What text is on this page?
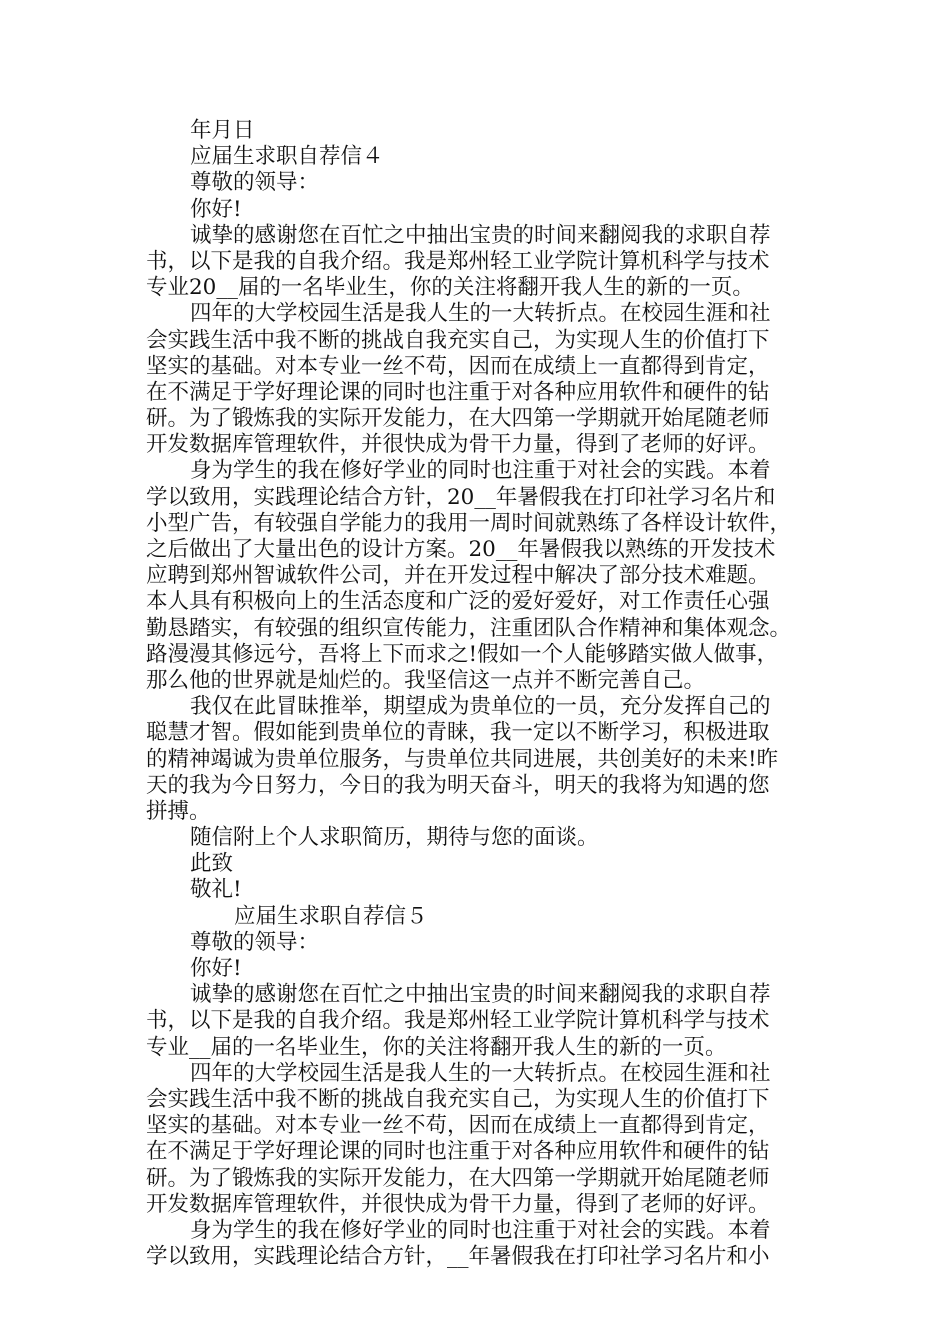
年月日
应届生求职自荐信４
尊敬的领导：
你好!
诚挚的感谢您在百忙之中抽出宝贵的时间来翻阅我的求职自荐
书，以下是我的自我介绍。我是郑州轻工业学院计算机科学与技术
专业20__届的一名毕业生，你的关注将翻开我人生的新的一页。
四年的大学校园生活是我人生的一大转折点。在校园生涯和社
会实践生活中我不断的挑战自我充实自己，为实现人生的价值打下
坚实的基础。对本专业一丝不苟，因而在成绩上一直都得到肯定，
在不满足于学好理论课的同时也注重于对各种应用软件和硬件的钻
研。为了锻炼我的实际开发能力，在大四第一学期就开始尾随老师
开发数据库管理软件，并很快成为骨干力量，得到了老师的好评。
身为学生的我在修好学业的同时也注重于对社会的实践。本着
学以致用，实践理论结合方针，20__年暑假我在打印社学习名片和
小型广告，有较强自学能力的我用一周时间就熟练了各样设计软件，
之后做出了大量出色的设计方案。20__年暑假我以熟练的开发技术
应聘到郑州智诚软件公司，并在开发过程中解决了部分技术难题。
本人具有积极向上的生活态度和广泛的爱好爱好，对工作责任心强
勤恳踏实，有较强的组织宣传能力，注重团队合作精神和集体观念。
路漫漫其修远兮，吾将上下而求之!假如一个人能够踏实做人做事，
那么他的世界就是灿烂的。我坚信这一点并不断完善自己。
我仅在此冒昧推举，期望成为贵单位的一员，充分发挥自己的
聪慧才智。假如能到贵单位的青睐，我一定以不断学习，积极进取
的精神竭诚为贵单位服务，与贵单位共同进展，共创美好的未来!昨
天的我为今日努力，今日的我为明天奋斗，明天的我将为知遇的您
拼搏。
随信附上个人求职简历，期待与您的面谈。
此致
敬礼!
应届生求职自荐信５
尊敬的领导：
你好!
诚挚的感谢您在百忙之中抽出宝贵的时间来翻阅我的求职自荐
书，以下是我的自我介绍。我是郑州轻工业学院计算机科学与技术
专业__届的一名毕业生，你的关注将翻开我人生的新的一页。
四年的大学校园生活是我人生的一大转折点。在校园生涯和社
会实践生活中我不断的挑战自我充实自己，为实现人生的价值打下
坚实的基础。对本专业一丝不苟，因而在成绩上一直都得到肯定，
在不满足于学好理论课的同时也注重于对各种应用软件和硬件的钻
研。为了锻炼我的实际开发能力，在大四第一学期就开始尾随老师
开发数据库管理软件，并很快成为骨干力量，得到了老师的好评。
身为学生的我在修好学业的同时也注重于对社会的实践。本着
学以致用，实践理论结合方针，__年暑假我在打印社学习名片和小
